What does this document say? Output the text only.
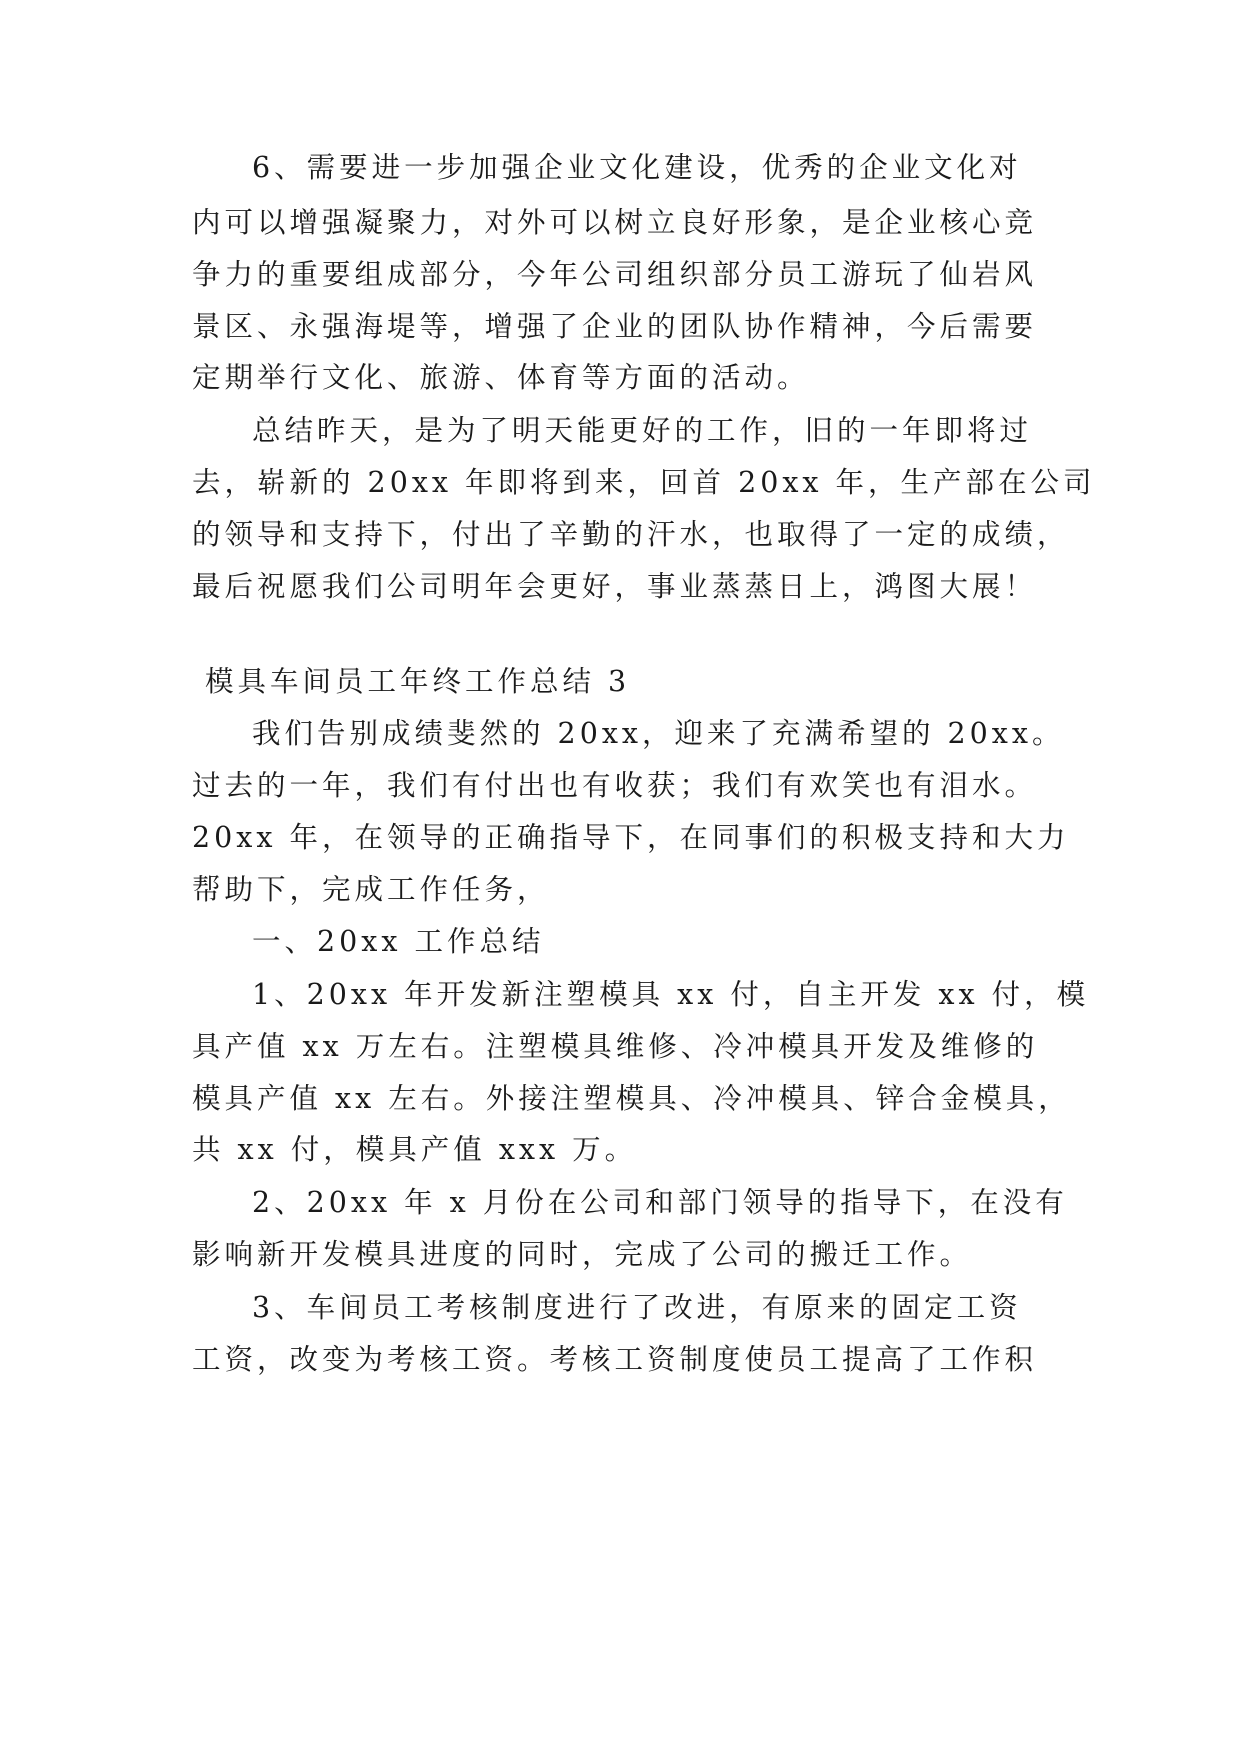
6、需要进一步加强企业文化建设，优秀的企业文化对
内可以增强凝聚力，对外可以树立良好形象，是企业核心竞
争力的重要组成部分，今年公司组织部分员工游玩了仙岩风
景区、永强海堤等，增强了企业的团队协作精神，今后需要
定期举行文化、旅游、体育等方面的活动。
总结昨天，是为了明天能更好的工作，旧的一年即将过
去，崭新的 20xx 年即将到来，回首 20xx 年，生产部在公司
的领导和支持下，付出了辛勤的汗水，也取得了一定的成绩，
最后祝愿我们公司明年会更好，事业蒸蒸日上，鸿图大展！
模具车间员工年终工作总结 3
我们告别成绩斐然的 20xx，迎来了充满希望的 20xx。
过去的一年，我们有付出也有收获；我们有欢笑也有泪水。
20xx 年，在领导的正确指导下，在同事们的积极支持和大力
帮助下，完成工作任务，
一、20xx 工作总结
1、20xx 年开发新注塑模具 xx 付，自主开发 xx 付，模
具产值 xx 万左右。注塑模具维修、冷冲模具开发及维修的
模具产值 xx 左右。外接注塑模具、冷冲模具、锌合金模具，
共 xx 付，模具产值 xxx 万。
2、20xx 年 x 月份在公司和部门领导的指导下，在没有
影响新开发模具进度的同时，完成了公司的搬迁工作。
3、车间员工考核制度进行了改进，有原来的固定工资
工资，改变为考核工资。考核工资制度使员工提高了工作积
